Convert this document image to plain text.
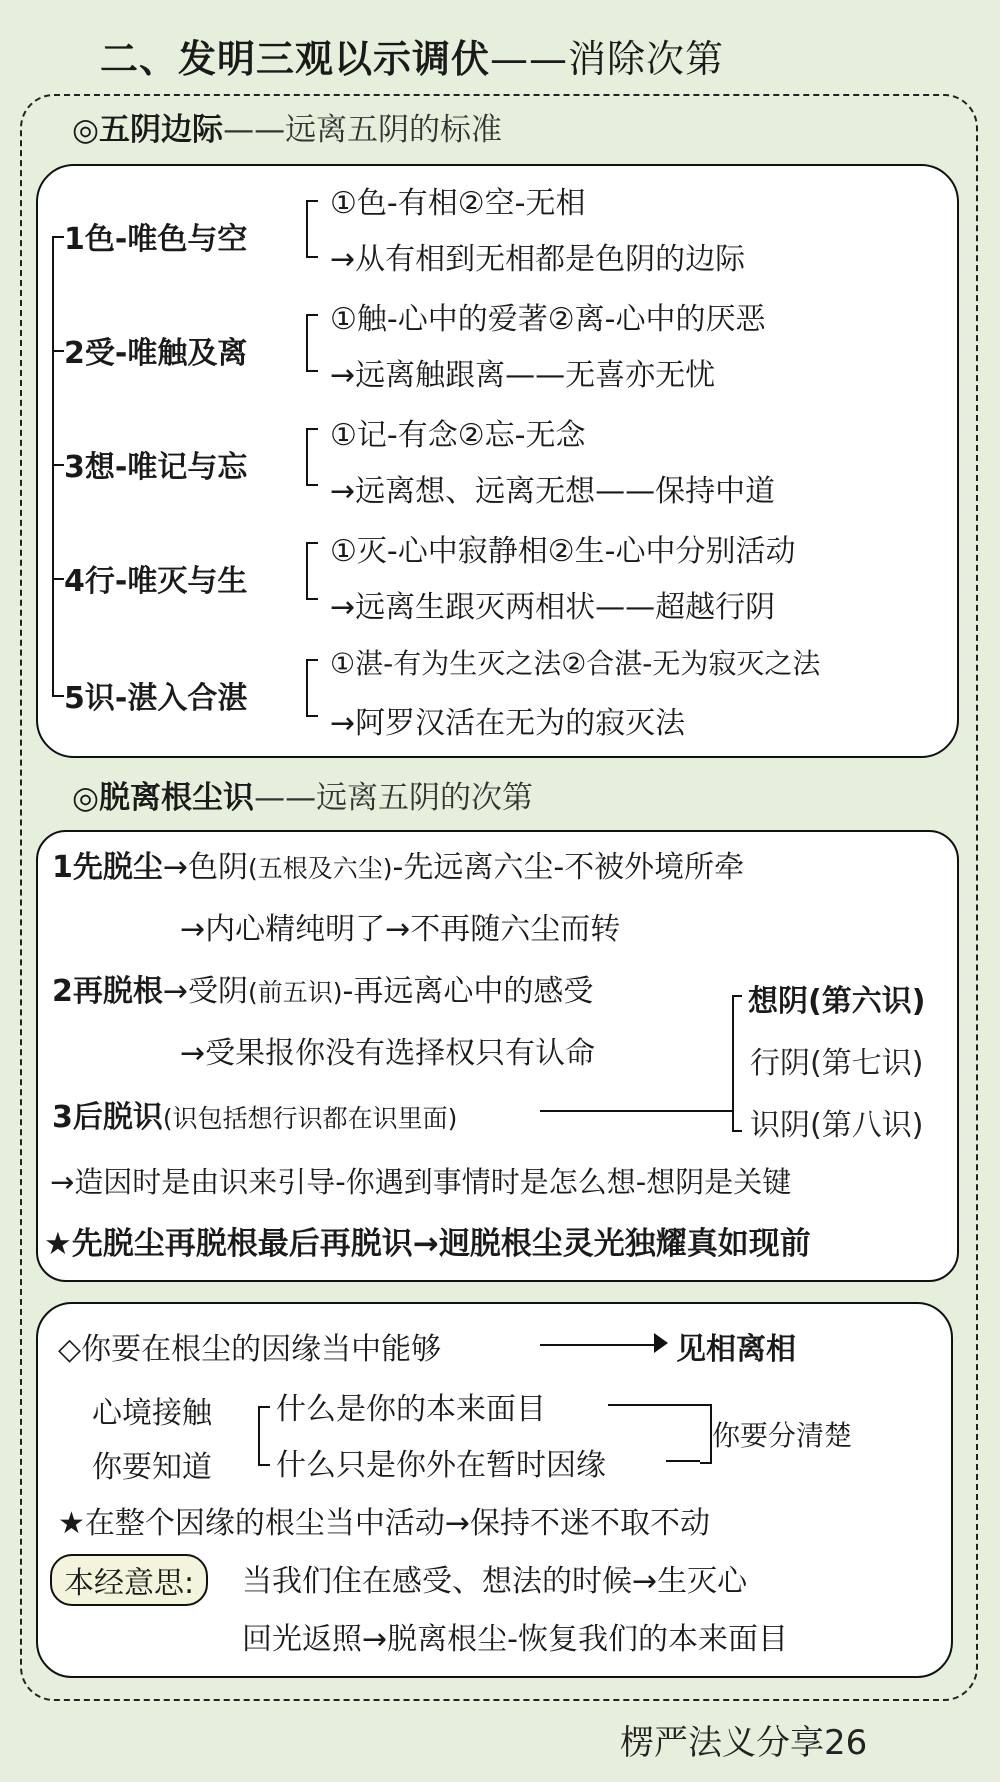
二、发明三观以示调伏——消除次第
◎五阴边际——远离五阴的标准
1色-唯色与空
①色-有相②空-无相
→从有相到无相都是色阴的边际
2受-唯触及离
①触-心中的爱著②离-心中的厌恶
→远离触跟离——无喜亦无忧
3想-唯记与忘
①记-有念②忘-无念
→远离想、远离无想——保持中道
4行-唯灭与生
①灭-心中寂静相②生-心中分别活动
→远离生跟灭两相状——超越行阴
5识-湛入合湛
①湛-有为生灭之法②合湛-无为寂灭之法
→阿罗汉活在无为的寂灭法
◎脱离根尘识——远离五阴的次第
1先脱尘→色阴(五根及六尘)-先远离六尘-不被外境所牵
→内心精纯明了→不再随六尘而转
2再脱根→受阴(前五识)-再远离心中的感受
→受果报你没有选择权只有认命
3后脱识(识包括想行识都在识里面)
想阴(第六识)
行阴(第七识)
识阴(第八识)
→造因时是由识来引导-你遇到事情时是怎么想-想阴是关键
★先脱尘再脱根最后再脱识→迥脱根尘灵光独耀真如现前
◇你要在根尘的因缘当中能够	见相离相
心境接触
你要知道
什么是你的本来面目
什么只是你外在暂时因缘
你要分清楚
★在整个因缘的根尘当中活动→保持不迷不取不动
本经意思:	当我们住在感受、想法的时候→生灭心
回光返照→脱离根尘-恢复我们的本来面目
楞严法义分享26
